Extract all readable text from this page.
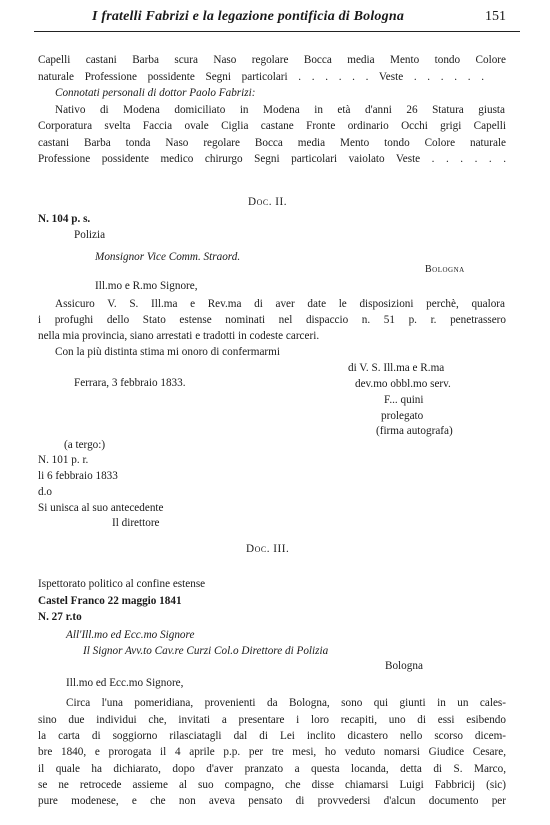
I fratelli Fabrizi e la legazione pontificia di Bologna	151
Capelli castani Barba scura Naso regolare Bocca media Mento tondo Colore
naturale Professione possidente Segni particolari . . . . . . Veste . . . . . .
Connotati personali di dottor Paolo Fabrizi:
Nativo di Modena domiciliato in Modena in età d'anni 26 Statura giusta
Corporatura svelta Faccia ovale Ciglia castane Fronte ordinario Occhi grigi Capelli
castani Barba tonda Naso regolare Bocca media Mento tondo Colore naturale
Professione possidente medico chirurgo Segni particolari vaiolato Veste . . . . . .
Doc. II.
N. 104 p. s.
Polizia
Monsignor Vice Comm. Straord.
Bologna
Ill.mo e R.mo Signore,
Assicuro V. S. Ill.ma e Rev.ma di aver date le disposizioni perchè, qualora
i profughi dello Stato estense nominati nel dispaccio n. 51 p. r. penetrassero
nella mia provincia, siano arrestati e tradotti in codeste carceri.
Con la più distinta stima mi onoro di confermarmi
di V. S. Ill.ma e R.ma
Ferrara, 3 febbraio 1833.	dev.mo obbl.mo serv.
F... quini
prolegato
(firma autografa)
(a tergo:)
N. 101 p. r.
li 6 febbraio 1833
d.o
Si unisca al suo antecedente
Il direttore
Doc. III.
Ispettorato politico al confine estense
Castel Franco 22 maggio 1841
N. 27 r.to
All'Ill.mo ed Ecc.mo Signore
Il Signor Avv.to Cav.re Curzi Col.o Direttore di Polizia
Bologna
Ill.mo ed Ecc.mo Signore,
Circa l'una pomeridiana, provenienti da Bologna, sono qui giunti in un cales-
sino due individui che, invitati a presentare i loro recapiti, uno di essi esibendo
la carta di soggiorno rilasciatagli dal di Lei inclito dicastero nello scorso dicem-
bre 1840, e prorogata il 4 aprile p.p. per tre mesi, ho veduto nomarsi Giudice Cesare,
il quale ha dichiarato, dopo d'aver pranzato a questa locanda, detta di S. Marco,
se ne retrocede assieme al suo compagno, che disse chiamarsi Luigi Fabbricij (sic)
pure modenese, e che non aveva pensato di provvedersi d'alcun documento per
